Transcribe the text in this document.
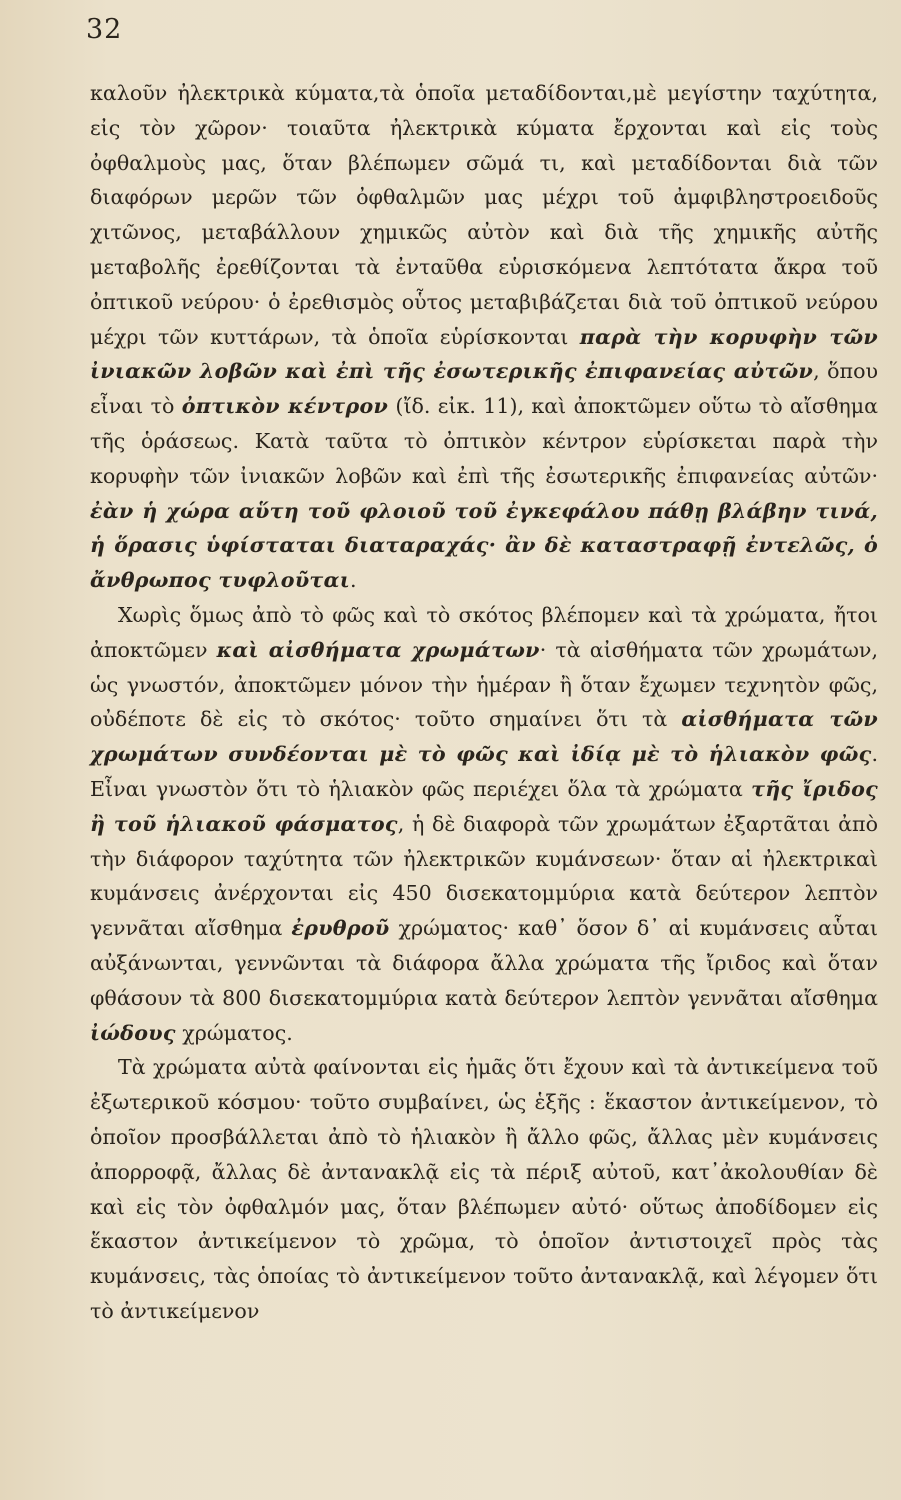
32

καλοῦν ἠλεκτρικὰ κύματα,τὰ ὁποῖα μεταδίδονται,μὲ μεγίστην ταχύτητα, εἰς τὸν χῶρον· τοιαῦτα ἠλεκτρικὰ κύματα ἔρχονται καὶ εἰς τοὺς ὀφθαλμοὺς μας, ὅταν βλέπωμεν σῶμά τι, καὶ μεταδίδονται διὰ τῶν διαφόρων μερῶν τῶν ὀφθαλμῶν μας μέχρι τοῦ ἀμφιβληστροειδοῦς χιτῶνος, μεταβάλλουν χημικῶς αὐτὸν καὶ διὰ τῆς χημικῆς αὐτῆς μεταβολῆς ἐρεθίζονται τὰ ἐνταῦθα εὑρισκόμενα λεπτότατα ἄκρα τοῦ ὀπτικοῦ νεύρου· ὁ ἐρεθισμὸς οὗτος μεταβιβάζεται διὰ τοῦ ὀπτικοῦ νεύρου μέχρι τῶν κυττάρων, τὰ ὁποῖα εὑρίσκονται παρὰ τὴν κορυφὴν τῶν ἰνιακῶν λοβῶν καὶ ἐπὶ τῆς ἐσωτερικῆς ἐπιφανείας αὐτῶν, ὅπου εἶναι τὸ ὀπτικὸν κέντρον (ἴδ. εἰκ. 11), καὶ ἀποκτῶμεν οὕτω τὸ αἴσθημα τῆς ὁράσεως. Κατὰ ταῦτα τὸ ὀπτικὸν κέντρον εὑρίσκεται παρὰ τὴν κορυφὴν τῶν ἰνιακῶν λοβῶν καὶ ἐπὶ τῆς ἐσωτερικῆς ἐπιφανείας αὐτῶν· ἐὰν ἡ χώρα αὕτη τοῦ φλοιοῦ τοῦ ἐγκεφάλου πάθῃ βλάβην τινά, ἡ ὅρασις ὑφίσταται διαταραχάς· ἂν δὲ καταστραφῇ ἐντελῶς, ὁ ἄνθρωπος τυφλοῦται.

Χωρὶς ὅμως ἀπὸ τὸ φῶς καὶ τὸ σκότος βλέπομεν καὶ τὰ χρώματα, ἤτοι ἀποκτῶμεν καὶ αἰσθήματα χρωμάτων· τὰ αἰσθήματα τῶν χρωμάτων, ὡς γνωστόν, ἀποκτῶμεν μόνον τὴν ἡμέραν ἢ ὅταν ἔχωμεν τεχνητὸν φῶς, οὐδέποτε δὲ εἰς τὸ σκότος· τοῦτο σημαίνει ὅτι τὰ αἰσθήματα τῶν χρωμάτων συνδέονται μὲ τὸ φῶς καὶ ἰδίᾳ μὲ τὸ ἡλιακὸν φῶς. Εἶναι γνωστὸν ὅτι τὸ ἡλιακὸν φῶς περιέχει ὅλα τὰ χρώματα τῆς ἴριδος ἢ τοῦ ἡλιακοῦ φάσματος, ἡ δὲ διαφορὰ τῶν χρωμάτων ἐξαρτᾶται ἀπὸ τὴν διάφορον ταχύτητα τῶν ἠλεκτρικῶν κυμάνσεων· ὅταν αἱ ἠλεκτρικαὶ κυμάνσεις ἀνέρχονται εἰς 450 δισεκατομμύρια κατὰ δεύτερον λεπτὸν γεννᾶται αἴσθημα ἐρυθροῦ χρώματος· καθ᾽ ὅσον δ᾽ αἱ κυμάνσεις αὗται αὐξάνωνται, γεννῶνται τὰ διάφορα ἄλλα χρώματα τῆς ἴριδος καὶ ὅταν φθάσουν τὰ 800 δισεκατομμύρια κατὰ δεύτερον λεπτὸν γεννᾶται αἴσθημα ἰώδους χρώματος.

Τὰ χρώματα αὐτὰ φαίνονται εἰς ἡμᾶς ὅτι ἔχουν καὶ τὰ ἀντικείμενα τοῦ ἐξωτερικοῦ κόσμου· τοῦτο συμβαίνει, ὡς ἑξῆς : ἕκαστον ἀντικείμενον, τὸ ὁποῖον προσβάλλεται ἀπὸ τὸ ἡλιακὸν ἢ ἄλλο φῶς, ἄλλας μὲν κυμάνσεις ἀπορροφᾷ, ἄλλας δὲ ἀντανακλᾷ εἰς τὰ πέριξ αὐτοῦ, κατ᾽ἀκολουθίαν δὲ καὶ εἰς τὸν ὀφθαλμόν μας, ὅταν βλέπωμεν αὐτό· οὕτως ἀποδίδομεν εἰς ἕκαστον ἀντικείμενον τὸ χρῶμα, τὸ ὁποῖον ἀντιστοιχεῖ πρὸς τὰς κυμάνσεις, τὰς ὁποίας τὸ ἀντικείμενον τοῦτο ἀντανακλᾷ, καὶ λέγομεν ὅτι τὸ ἀντικείμενον
